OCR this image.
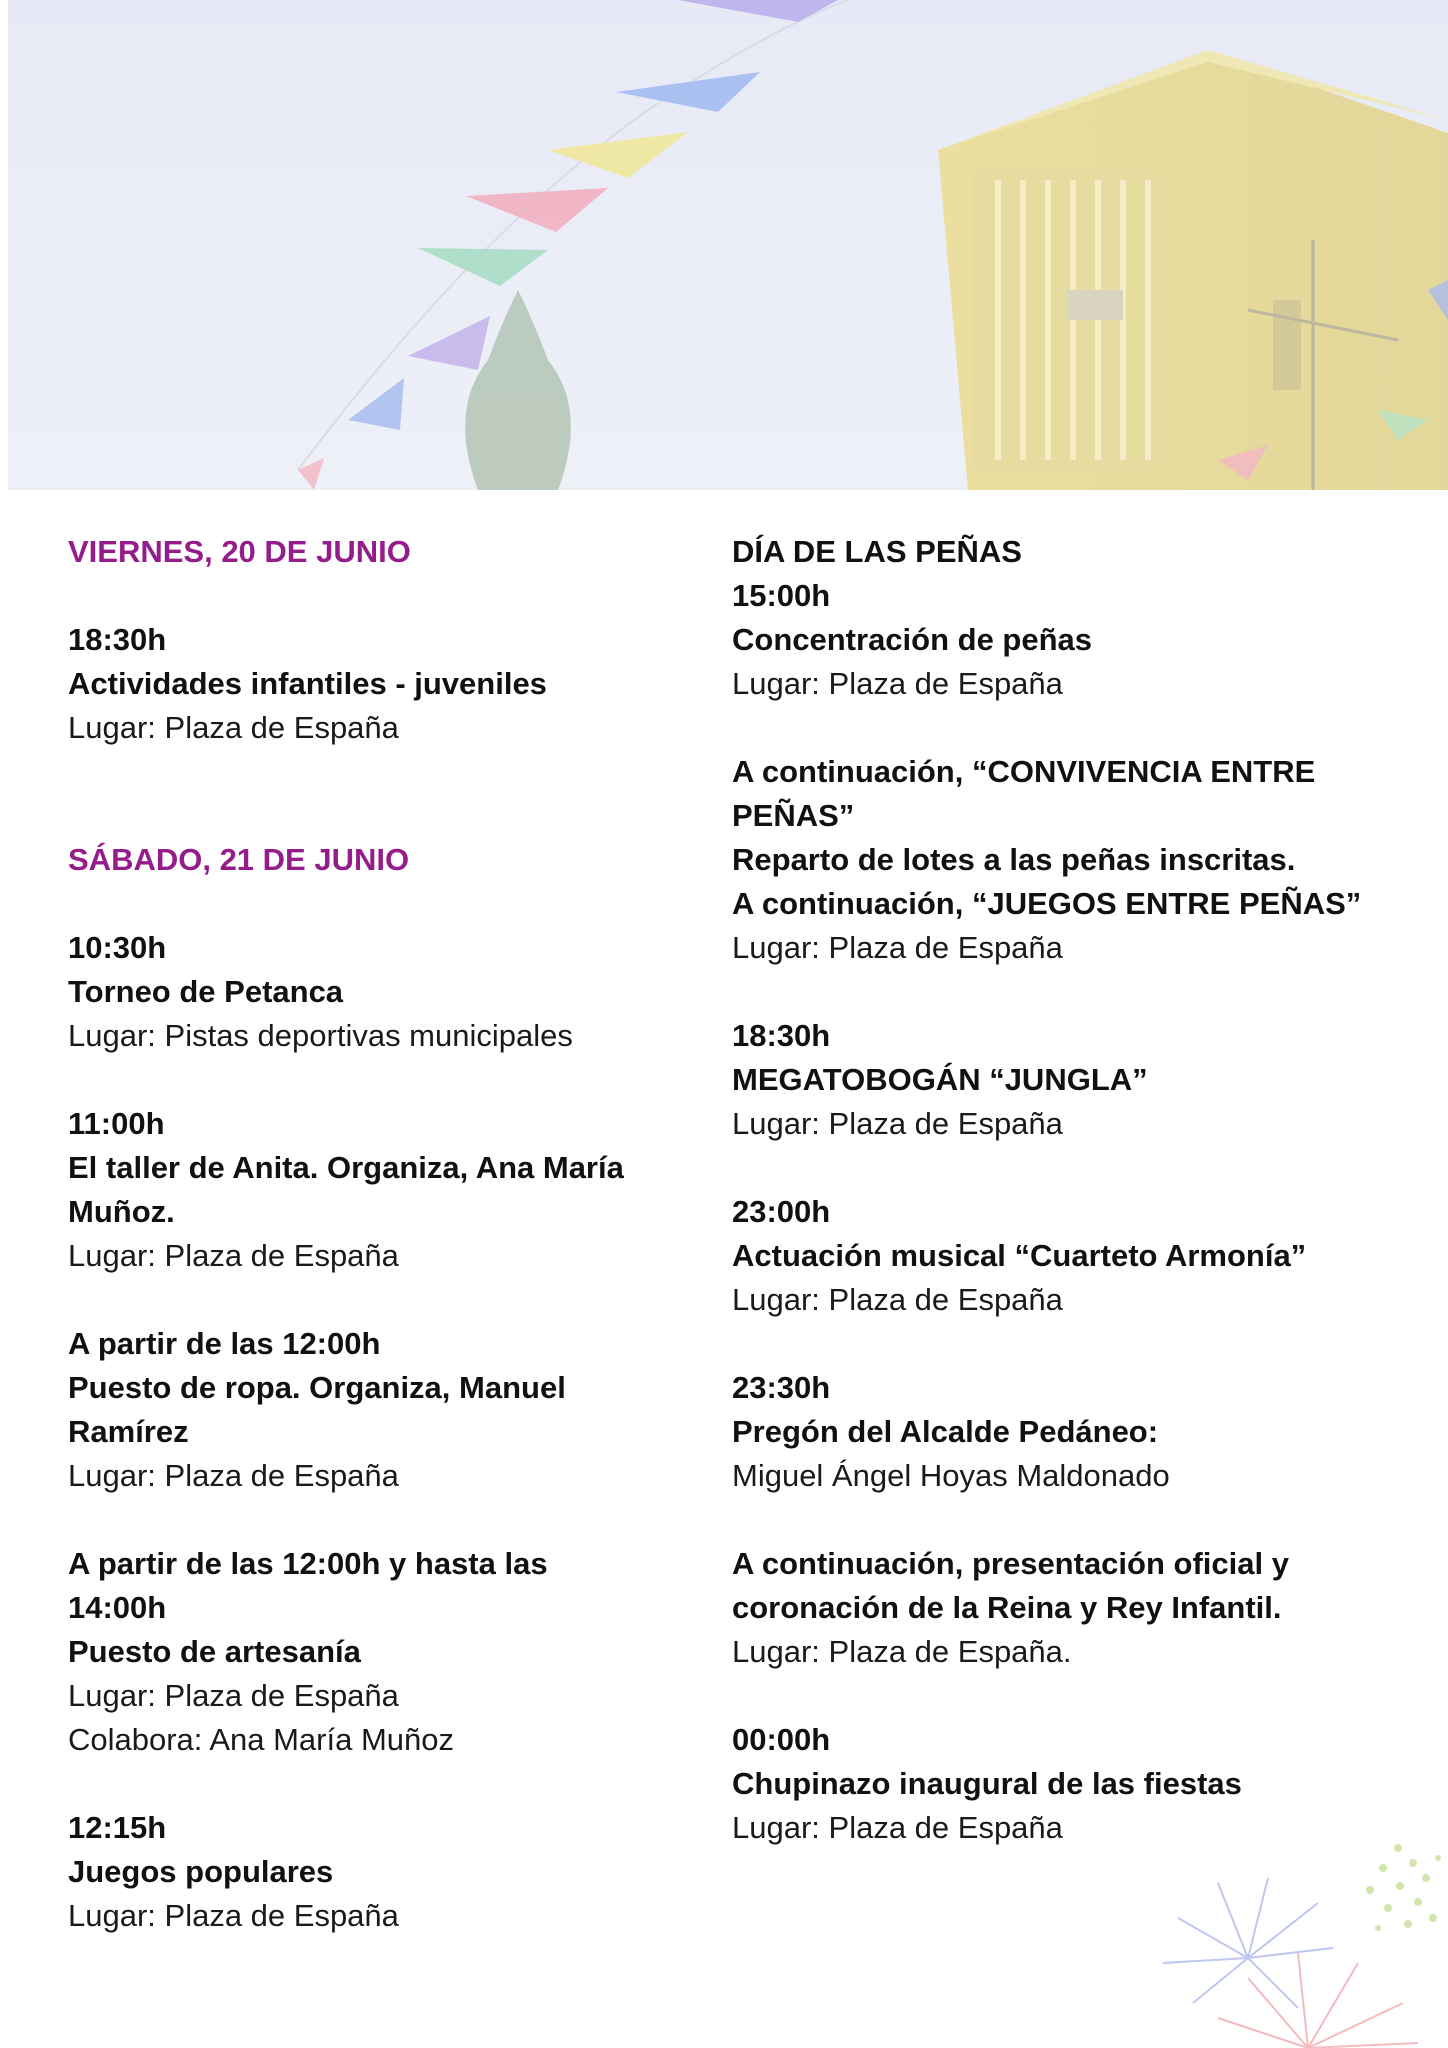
VIERNES, 20 DE JUNIO

18:30h

Actividades infantiles - juveniles

Lugar: Plaza de España

SÁBADO, 21 DE JUNIO

10:30h

Torneo de Petanca

Lugar: Pistas deportivas municipales

11:00h

El taller de Anita. Organiza, Ana María

Muñoz.

Lugar: Plaza de España

A partir de las 12:00h

Puesto de ropa. Organiza, Manuel

Ramírez

Lugar: Plaza de España

A partir de las 12:00h y hasta las

14:00h

Puesto de artesanía

Lugar: Plaza de España

Colabora: Ana María Muñoz

12:15h

Juegos populares

Lugar: Plaza de España

DÍA DE LAS PEÑAS

15:00h

Concentración de peñas

Lugar: Plaza de España

A continuación, “CONVIVENCIA ENTRE

PEÑAS”

Reparto de lotes a las peñas inscritas.

A continuación, “JUEGOS ENTRE PEÑAS”

Lugar: Plaza de España

18:30h

MEGATOBOGÁN “JUNGLA”

Lugar: Plaza de España

23:00h

Actuación musical “Cuarteto Armonía”

Lugar: Plaza de España

23:30h

Pregón del Alcalde Pedáneo:

Miguel Ángel Hoyas Maldonado

A continuación, presentación oficial y

coronación de la Reina y Rey Infantil.

Lugar: Plaza de España.

00:00h

Chupinazo inaugural de las fiestas

Lugar: Plaza de España
